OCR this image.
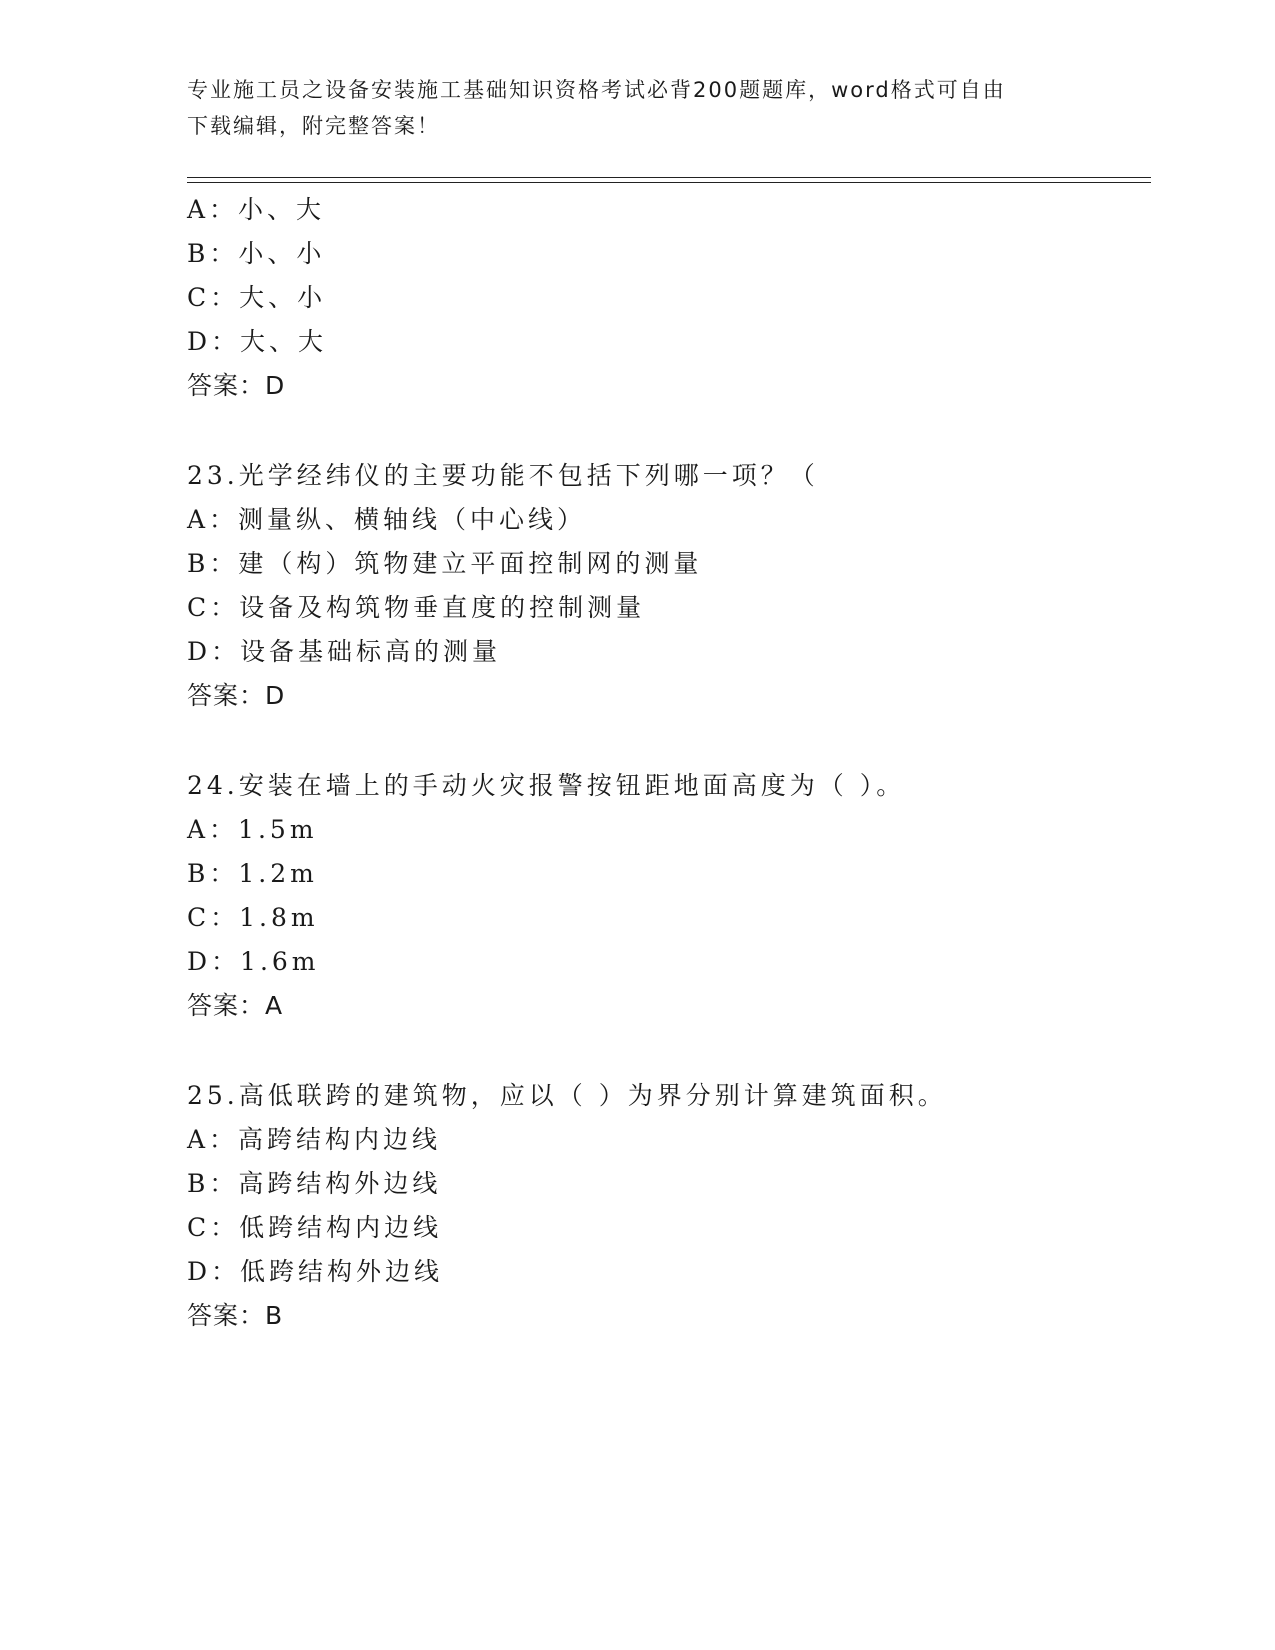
专业施工员之设备安装施工基础知识资格考试必背200题题库，word格式可自由
下载编辑，附完整答案！
A：小、大
B：小、小
C：大、小
D：大、大
答案：D
23.光学经纬仪的主要功能不包括下列哪一项？（
A：测量纵、横轴线（中心线）
B：建（构）筑物建立平面控制网的测量
C：设备及构筑物垂直度的控制测量
D：设备基础标高的测量
答案：D
24.安装在墙上的手动火灾报警按钮距地面高度为（ ）。
A：1.5m
B：1.2m
C：1.8m
D：1.6m
答案：A
25.高低联跨的建筑物，应以（ ）为界分别计算建筑面积。
A：高跨结构内边线
B：高跨结构外边线
C：低跨结构内边线
D：低跨结构外边线
答案：B
